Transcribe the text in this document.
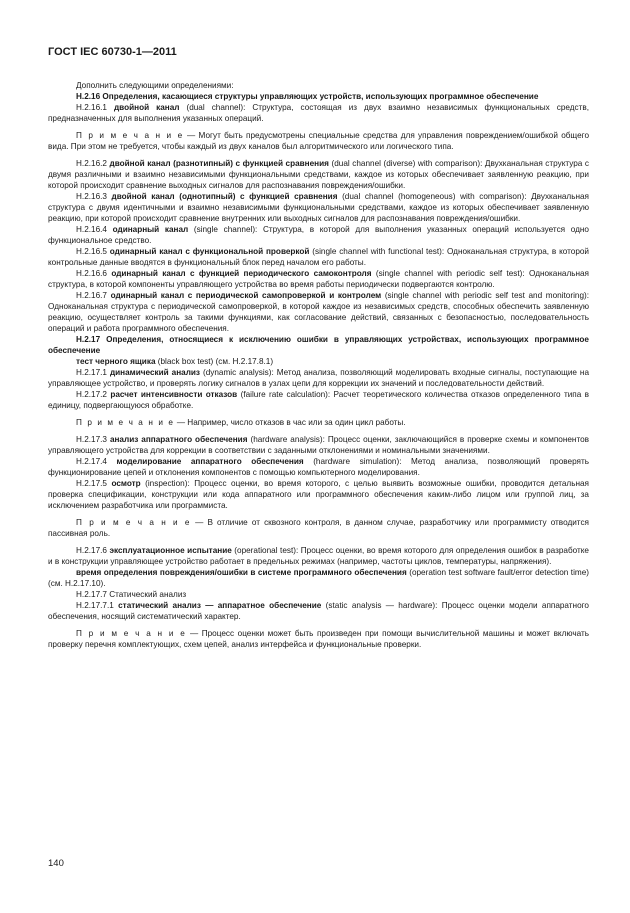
ГОСТ IEC 60730-1—2011

Дополнить следующими определениями:

H.2.16 Определения, касающиеся структуры управляющих устройств, использующих программное обеспечение

H.2.16.1 двойной канал (dual channel): Структура, состоящая из двух взаимно независимых функциональных средств, предназначенных для выполнения указанных операций.

П р и м е ч а н и е — Могут быть предусмотрены специальные средства для управления повреждением/ошибкой общего вида. При этом не требуется, чтобы каждый из двух каналов был алгоритмического или логического типа.

H.2.16.2 двойной канал (разнотипный) с функцией сравнения (dual channel (diverse) with comparison): Двухканальная структура с двумя различными и взаимно независимыми функциональными средствами, каждое из которых обеспечивает заявленную реакцию, при которой происходит сравнение выходных сигналов для распознавания повреждения/ошибки.

H.2.16.3 двойной канал (однотипный) с функцией сравнения (dual channel (homogeneous) with comparison): Двухканальная структура с двумя идентичными и взаимно независимыми функциональными средствами, каждое из которых обеспечивает заявленную реакцию, при которой происходит сравнение внутренних или выходных сигналов для распознавания повреждения/ошибки.

H.2.16.4 одинарный канал (single channel): Структура, в которой для выполнения указанных операций используется одно функциональное средство.

H.2.16.5 одинарный канал с функциональной проверкой (single channel with functional test): Одноканальная структура, в которой контрольные данные вводятся в функциональный блок перед началом его работы.

H.2.16.6 одинарный канал с функцией периодического самоконтроля (single channel with periodic self test): Одноканальная структура, в которой компоненты управляющего устройства во время работы периодически подвергаются контролю.

H.2.16.7 одинарный канал с периодической самопроверкой и контролем (single channel with periodic self test and monitoring): Одноканальная структура с периодической самопроверкой, в которой каждое из независимых средств, способных обеспечить заявленную реакцию, осуществляет контроль за такими функциями, как согласование действий, связанных с безопасностью, последовательность операций и работа программного обеспечения.

H.2.17 Определения, относящиеся к исключению ошибки в управляющих устройствах, использующих программное обеспечение

тест черного ящика (black box test) (см. H.2.17.8.1)

H.2.17.1 динамический анализ (dynamic analysis): Метод анализа, позволяющий моделировать входные сигналы, поступающие на управляющее устройство, и проверять логику сигналов в узлах цепи для коррекции их значений и последовательности действий.

H.2.17.2 расчет интенсивности отказов (failure rate calculation): Расчет теоретического количества отказов определенного типа в единицу, подвергающуюся обработке.

П р и м е ч а н и е — Например, число отказов в час или за один цикл работы.

H.2.17.3 анализ аппаратного обеспечения (hardware analysis): Процесс оценки, заключающийся в проверке схемы и компонентов управляющего устройства для коррекции в соответствии с заданными отклонениями и номинальными значениями.

H.2.17.4 моделирование аппаратного обеспечения (hardware simulation): Метод анализа, позволяющий проверять функционирование цепей и отклонения компонентов с помощью компьютерного моделирования.

H.2.17.5 осмотр (inspection): Процесс оценки, во время которого, с целью выявить возможные ошибки, проводится детальная проверка спецификации, конструкции или кода аппаратного или программного обеспечения каким-либо лицом или группой лиц, за исключением разработчика или программиста.

П р и м е ч а н и е — В отличие от сквозного контроля, в данном случае, разработчику или программисту отводится пассивная роль.

H.2.17.6 эксплуатационное испытание (operational test): Процесс оценки, во время которого для определения ошибок в разработке и в конструкции управляющее устройство работает в предельных режимах (например, частоты циклов, температуры, напряжения).

время определения повреждения/ошибки в системе программного обеспечения (operation test software fault/error detection time) (см. H.2.17.10).

H.2.17.7 Статический анализ

H.2.17.7.1 статический анализ — аппаратное обеспечение (static analysis — hardware): Процесс оценки модели аппаратного обеспечения, носящий систематический характер.

П р и м е ч а н и е — Процесс оценки может быть произведен при помощи вычислительной машины и может включать проверку перечня комплектующих, схем цепей, анализ интерфейса и функциональные проверки.

140
